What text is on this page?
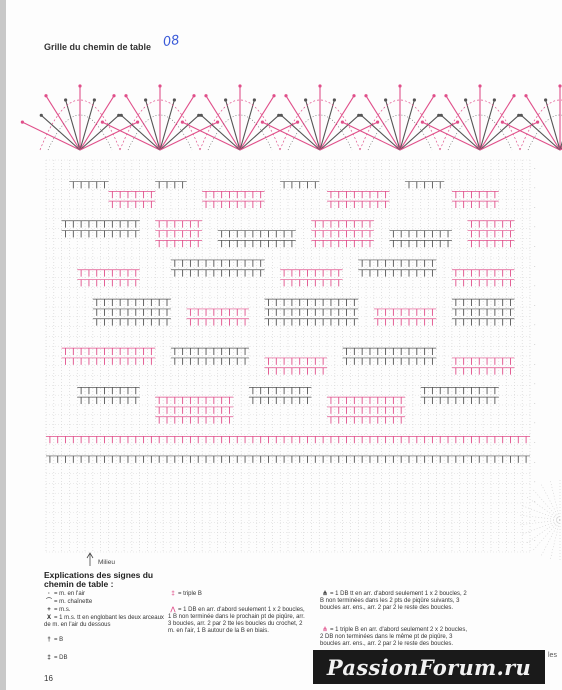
Grille du chemin de table 08
·
·
·
·
·
·
·
·
·
·
·
·
·
·
·
·
·
·
·
·
Milieu
Explications des signes du chemin de table :
· = m. en l'air
⌒ = m. chaînette
+ = m.s.
X = 1 m.s. tt en englobant les deux arceaux de m. en l'air du dessous
† = B
‡ = DB
‡ = triple B
⋀ = 1 DB en arr. d'abord seulement 1 x 2 boucles, 1 B non terminée dans le prochain pt de piqûre, arr. 3 boucles, arr. 2 par 2 tte les boucles du crochet, 2 m. en l'air, 1 B autour de la B en biais.
⋔ = 1 DB tt en arr. d'abord seulement 1 x 2 boucles, 2 B non terminées dans les 2 pts de piqûre suivants, 3 boucles arr. ens., arr. 2 par 2 le reste des boucles.
⋔ = 1 triple B en arr. d'abord seulement 2 x 2 boucles, 2 DB non terminées dans le même pt de piqûre, 3 boucles arr. ens., arr. 2 par 2 le reste des boucles.
16	PassionForum.ru les
